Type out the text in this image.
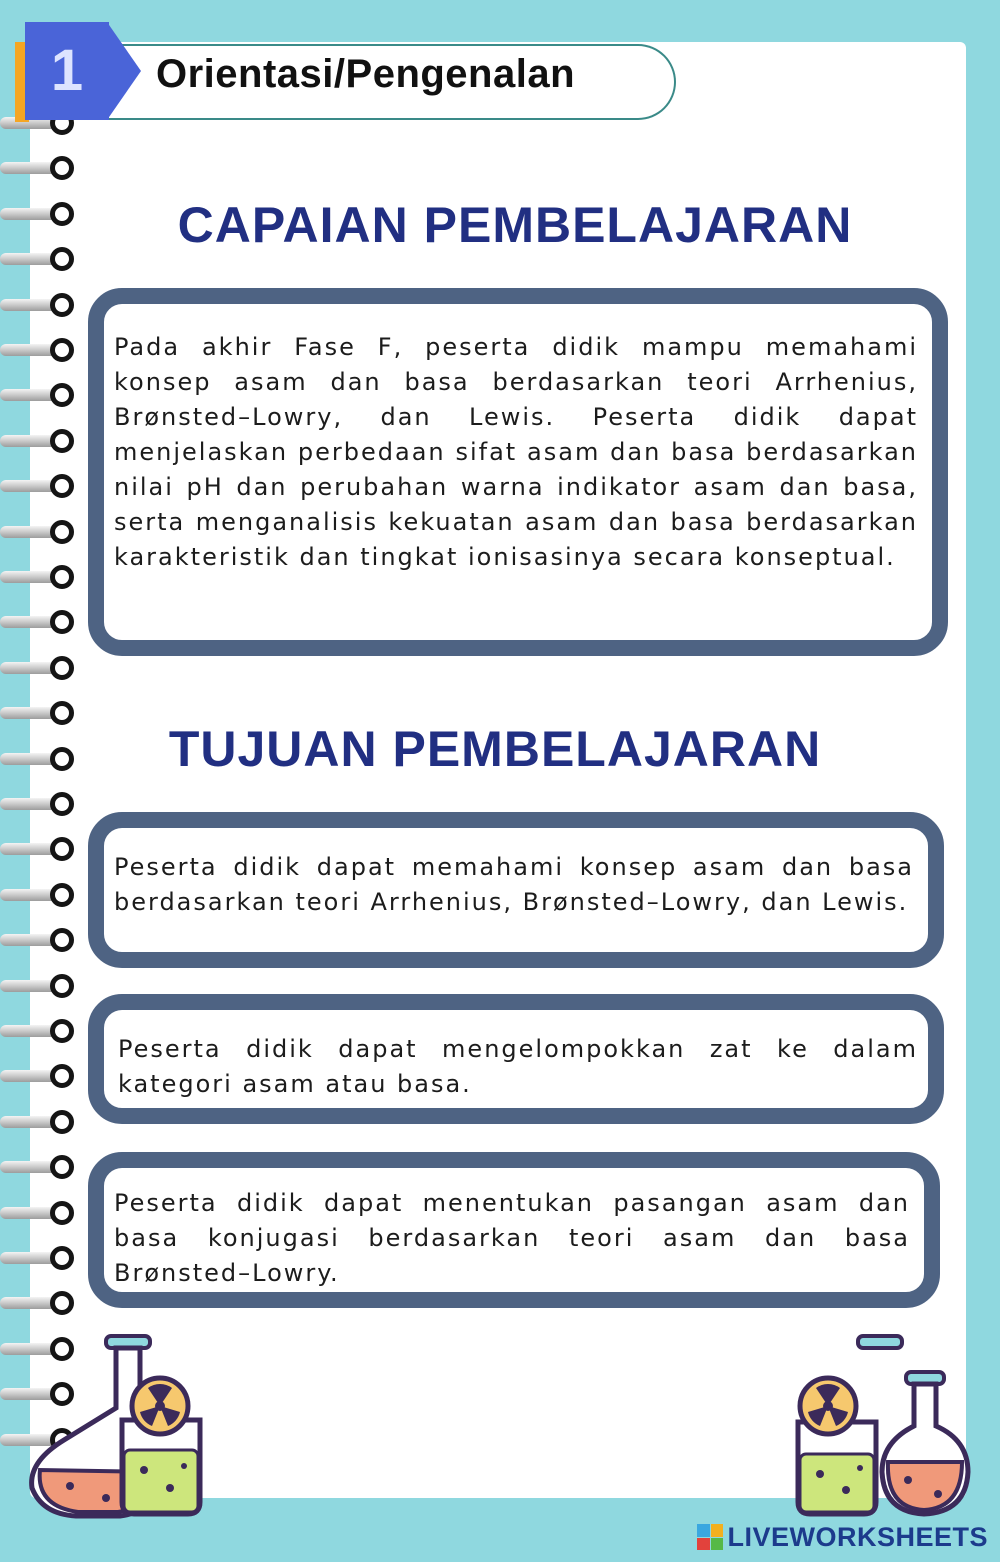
1	Orientasi/Pengenalan
CAPAIAN PEMBELAJARAN

Pada akhir Fase F, peserta didik mampu memahami konsep asam dan basa berdasarkan teori Arrhenius, Brønsted–Lowry, dan Lewis. Peserta didik dapat menjelaskan perbedaan sifat asam dan basa berdasarkan nilai pH dan perubahan warna indikator asam dan basa, serta menganalisis kekuatan asam dan basa berdasarkan karakteristik dan tingkat ionisasinya secara konseptual.

TUJUAN PEMBELAJARAN

Peserta didik dapat memahami konsep asam dan basa berdasarkan teori Arrhenius, Brønsted–Lowry, dan Lewis.

Peserta didik dapat mengelompokkan zat ke dalam kategori asam atau basa.

Peserta didik dapat menentukan pasangan asam dan basa konjugasi berdasarkan teori asam dan basa Brønsted–Lowry.

LIVEWORKSHEETS
